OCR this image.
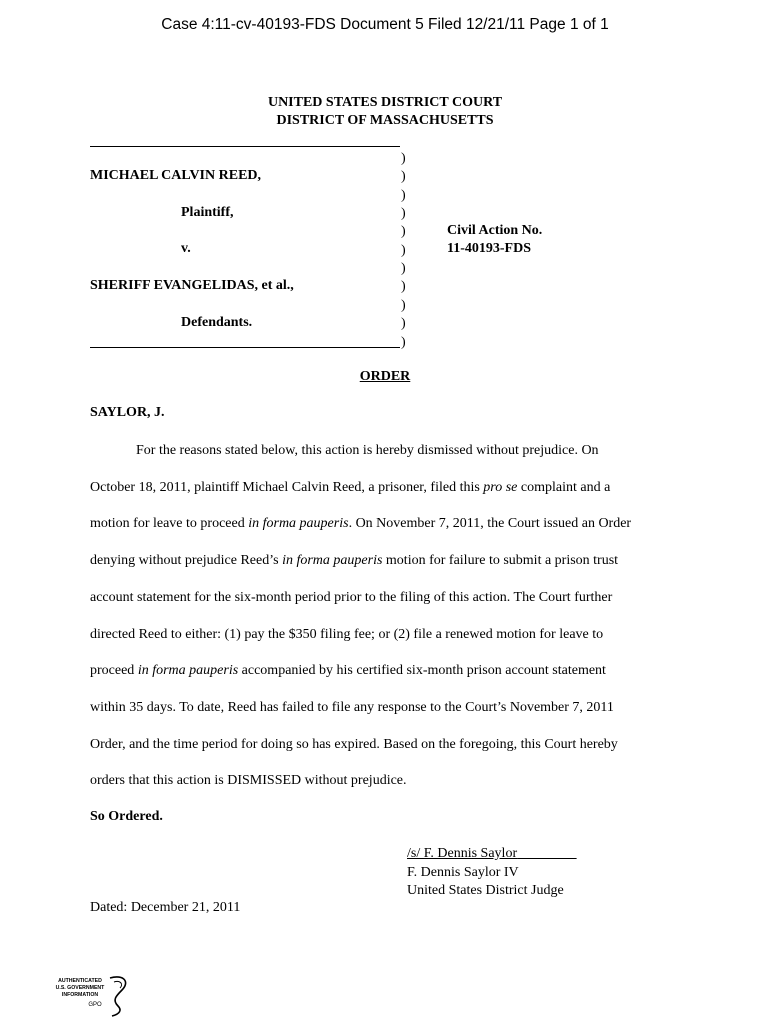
Case 4:11-cv-40193-FDS Document 5 Filed 12/21/11 Page 1 of 1
UNITED STATES DISTRICT COURT
DISTRICT OF MASSACHUSETTS
)
)
)
)
)
)
)
)
)
)
)
MICHAEL CALVIN REED,
Plaintiff,
v.
SHERIFF EVANGELIDAS, et al.,
Defendants.
Civil Action No.
11-40193-FDS
ORDER
SAYLOR, J.
For the reasons stated below, this action is hereby dismissed without prejudice. On
October 18, 2011, plaintiff Michael Calvin Reed, a prisoner, filed this pro se complaint and a
motion for leave to proceed in forma pauperis. On November 7, 2011, the Court issued an Order
denying without prejudice Reed’s in forma pauperis motion for failure to submit a prison trust
account statement for the six-month period prior to the filing of this action. The Court further
directed Reed to either: (1) pay the $350 filing fee; or (2) file a renewed motion for leave to
proceed in forma pauperis accompanied by his certified six-month prison account statement
within 35 days. To date, Reed has failed to file any response to the Court’s November 7, 2011
Order, and the time period for doing so has expired. Based on the foregoing, this Court hereby
orders that this action is DISMISSED without prejudice.
So Ordered.
/s/ F. Dennis Saylor
F. Dennis Saylor IV
United States District Judge
Dated: December 21, 2011
AUTHENTICATED
U.S. GOVERNMENT
INFORMATION
GPO
